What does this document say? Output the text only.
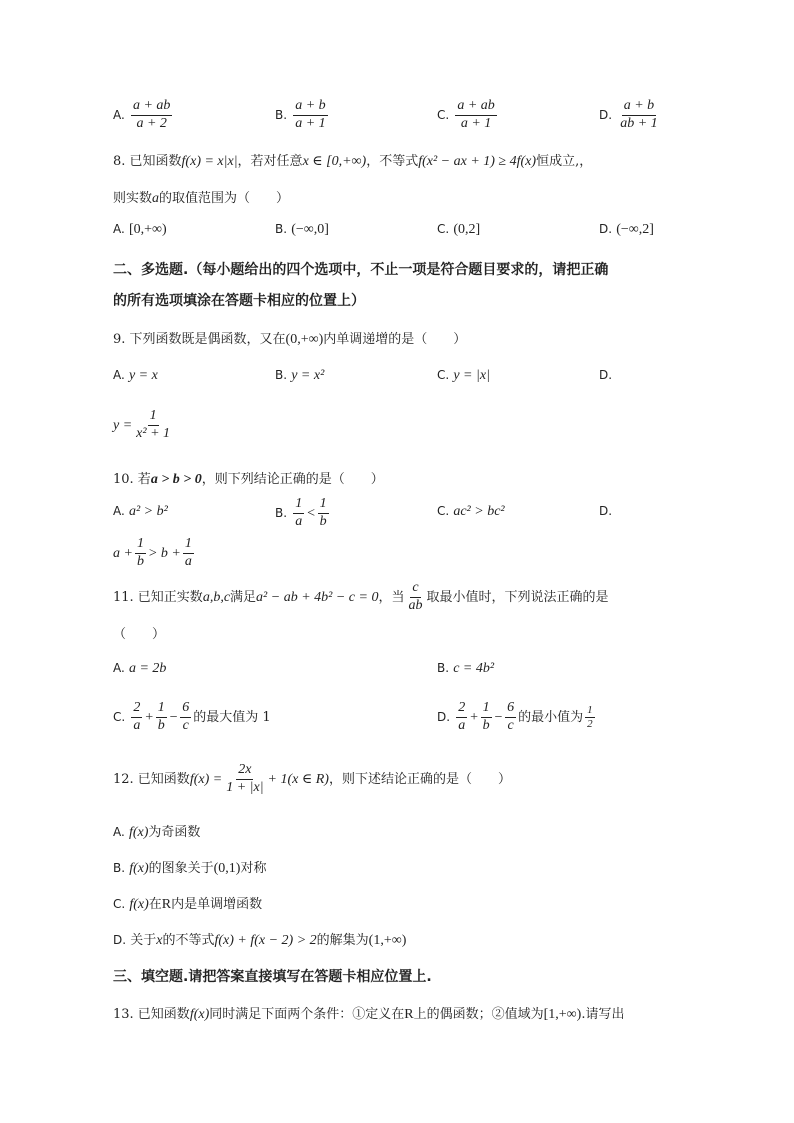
A. $\frac{a + ab}{a + 2}$	B. $\frac{a + b}{a + 1}$	C. $\frac{a + ab}{a + 1}$	D. $\frac{a + b}{ab + 1}$
8. 已知函数f(x) = x|x|，若对任意x ∈ [0,+∞)，不等式f(x² − ax + 1) ≥ 4f(x)恒成立,，
则实数a的取值范围为（　　）
A. [0,+∞)	B. (−∞,0]	C. (0,2]	D. (−∞,2]
二、多选题.（每小题给出的四个选项中，不止一项是符合题目要求的，请把正确
的所有选项填涂在答题卡相应的位置上）
9. 下列函数既是偶函数，又在(0,+∞)内单调递增的是（　　）
A. y = x	B. y = x²	C. y = |x|	D.
$y = \frac{1}{\text{x² + 1}}$
10. 若a > b > 0，则下列结论正确的是（　　）
A. a² > b²	B. $\frac{1}{a} < \frac{1}{b}$	C. ac² > bc²	D.
$a + \frac{1}{b} > b + \frac{1}{a}$
11. 已知正实数a,b,c满足a² − ab + 4b² − c = 0，当 $\frac{c}{ab}$ 取最小值时，下列说法正确的是
（　　）
A. a = 2b	B. c = 4b²
C. $\frac{2}{a} + \frac{1}{b} - \frac{6}{c}$ 的最大值为 1	D. $\frac{2}{a} + \frac{1}{b} - \frac{6}{c}$ 的最小值为 $\frac{1}{2}$
12. 已知函数$f(x) = \frac{2x}{1 + |x|} + 1(x$ ∈ R)，则下述结论正确的是（　　）
A. f(x)为奇函数
B. f(x)的图象关于(0,1)对称
C. f(x)在R内是单调增函数
D. 关于x的不等式f(x) + f(x − 2) > 2的解集为(1,+∞)
三、填空题.请把答案直接填写在答题卡相应位置上.
13. 已知函数f(x)同时满足下面两个条件：①定义在R上的偶函数；②值域为[1,+∞).请写出
